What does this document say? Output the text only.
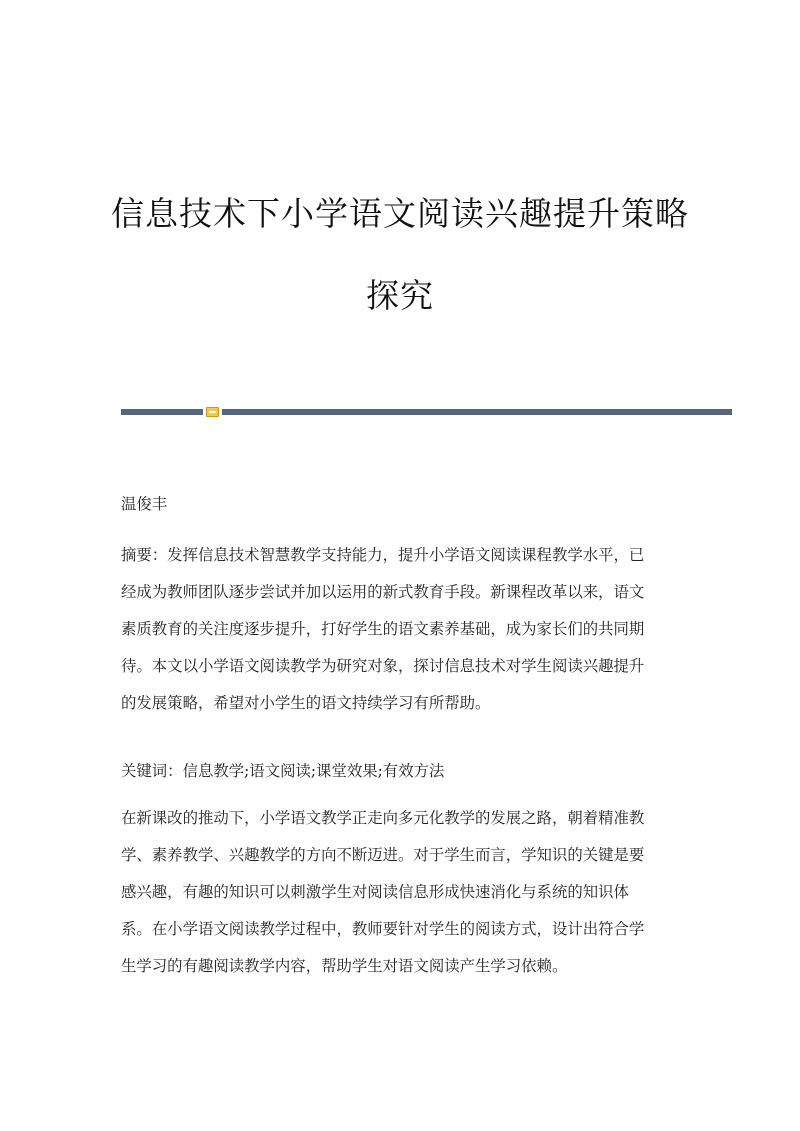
信息技术下小学语文阅读兴趣提升策略
探究

温俊丰

摘要：发挥信息技术智慧教学支持能力，提升小学语文阅读课程教学水平，已
经成为教师团队逐步尝试并加以运用的新式教育手段。新课程改革以来，语文
素质教育的关注度逐步提升，打好学生的语文素养基础，成为家长们的共同期
待。本文以小学语文阅读教学为研究对象，探讨信息技术对学生阅读兴趣提升
的发展策略，希望对小学生的语文持续学习有所帮助。

关键词：信息教学;语文阅读;课堂效果;有效方法

在新课改的推动下，小学语文教学正走向多元化教学的发展之路，朝着精准教
学、素养教学、兴趣教学的方向不断迈进。对于学生而言，学知识的关键是要
感兴趣，有趣的知识可以刺激学生对阅读信息形成快速消化与系统的知识体
系。在小学语文阅读教学过程中，教师要针对学生的阅读方式，设计出符合学
生学习的有趣阅读教学内容，帮助学生对语文阅读产生学习依赖。
